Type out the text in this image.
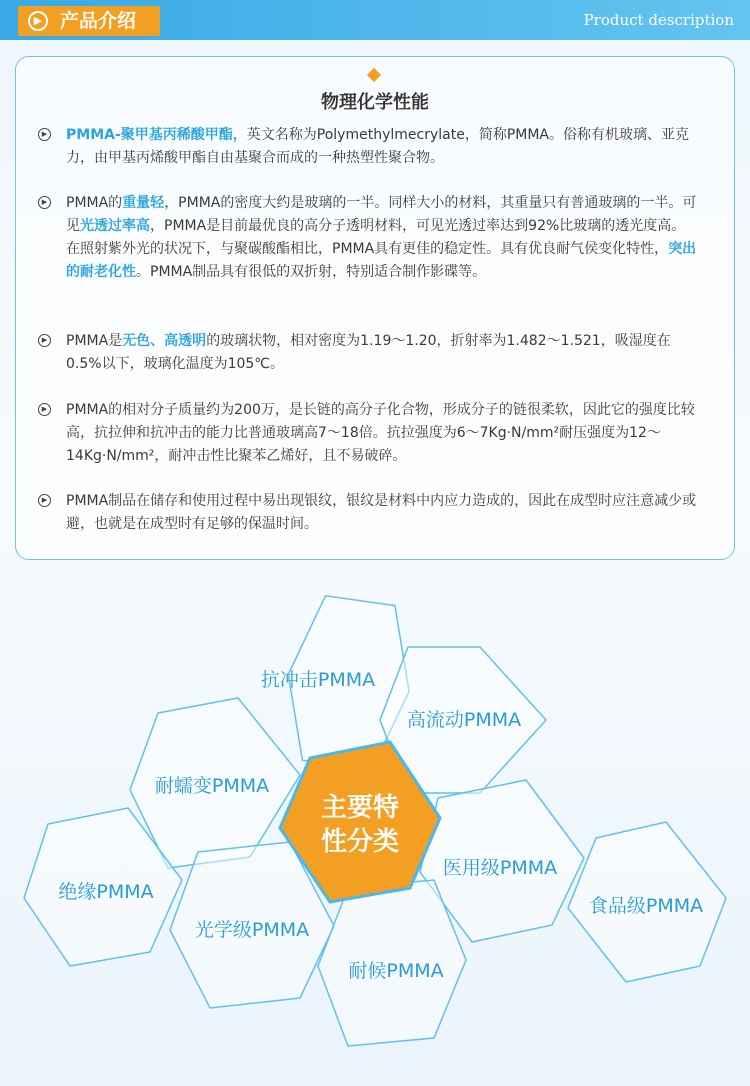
▶ 产品介绍	Product description
物理化学性能
▶ PMMA-聚甲基丙稀酸甲酯，英文名称为Polymethylmecrylate，简称PMMA。俗称有机玻璃、亚克力，由甲基丙烯酸甲酯自由基聚合而成的一种热塑性聚合物。
▶ PMMA的重量轻，PMMA的密度大约是玻璃的一半。同样大小的材料，其重量只有普通玻璃的一半。可见光透过率高，PMMA是目前最优良的高分子透明材料，可见光透过率达到92%比玻璃的透光度高。在照射紫外光的状况下，与聚碳酸酯相比，PMMA具有更佳的稳定性。具有优良耐气侯变化特性，突出的耐老化性。PMMA制品具有很低的双折射，特别适合制作影碟等。
▶ PMMA是无色、高透明的玻璃状物，相对密度为1.19～1.20，折射率为1.482～1.521，吸湿度在0.5%以下，玻璃化温度为105℃。
▶ PMMA的相对分子质量约为200万，是长链的高分子化合物，形成分子的链很柔软，因此它的强度比较高，抗拉伸和抗冲击的能力比普通玻璃高7～18倍。抗拉强度为6～7Kg·N/mm²耐压强度为12～14Kg·N/mm²，耐冲击性比聚苯乙烯好，且不易破碎。
▶ PMMA制品在储存和使用过程中易出现银纹，银纹是材料中内应力造成的，因此在成型时应注意减少或避，也就是在成型时有足够的保温时间。
抗冲击PMMA
高流动PMMA
耐蠕变PMMA
医用级PMMA
绝缘PMMA
光学级PMMA
耐候PMMA
食品级PMMA
主要特
性分类
